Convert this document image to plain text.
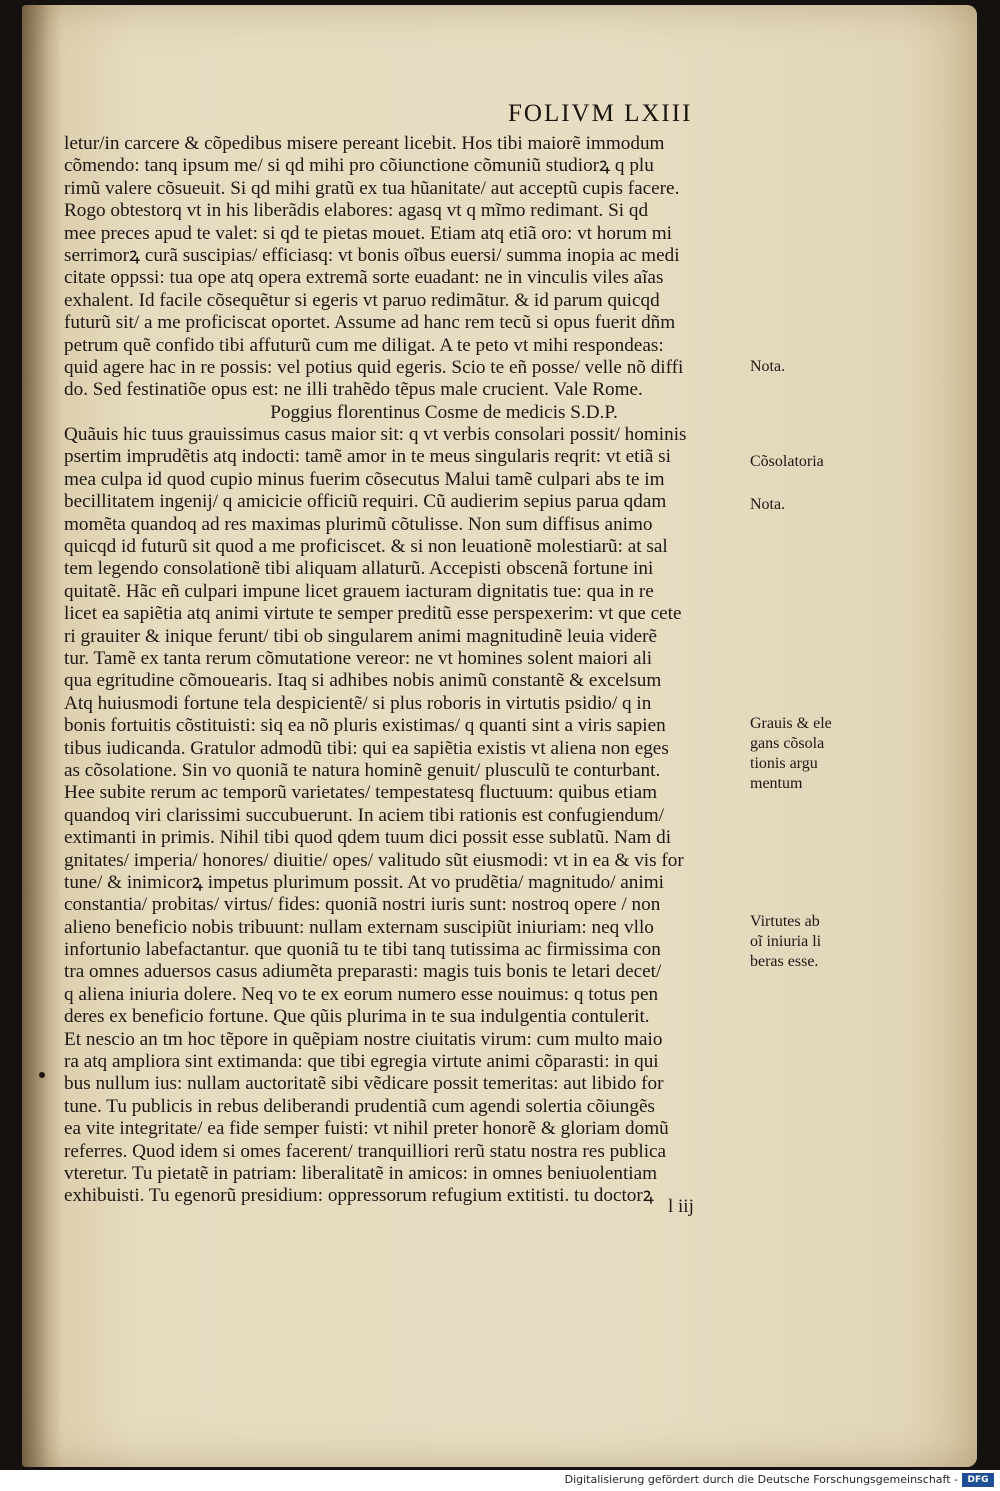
FOLIVM LXIII
letur/in carcere & cõpedibus misere pereant licebit. Hos tibi maiorẽ immodum
cõmendo: tanq ipsum me/ si qd mihi pro cõiunctione cõmuniũ studiorꝝ q plu
rimũ valere cõsueuit. Si qd mihi gratũ ex tua hũanitate/ aut acceptũ cupis facere.
Rogo obtestorq vt in his liberãdis elabores: agasq vt q mĩmo redimant. Si qd
mee preces apud te valet: si qd te pietas mouet. Etiam atq etiã oro: vt horum mi
serrimorꝝ curã suscipias/ efficiasq: vt bonis oĩbus euersi/ summa inopia ac medi
citate oppssi: tua ope atq opera extremã sorte euadant: ne in vinculis viles aĩas
exhalent. Id facile cõsequẽtur si egeris vt paruo redimãtur. & id parum quicqd
futurũ sit/ a me proficiscat oportet. Assume ad hanc rem tecũ si opus fuerit dñm
petrum quẽ confido tibi affuturũ cum me diligat. A te peto vt mihi respondeas:
quid agere hac in re possis: vel potius quid egeris. Scio te eñ posse/ velle nõ diffi
do. Sed festinatiõe opus est: ne illi trahẽdo tẽpus male crucient. Vale Rome.
Poggius florentinus Cosme de medicis S.D.P.
Quãuis hic tuus grauissimus casus maior sit: q vt verbis consolari possit/ hominis
psertim imprudẽtis atq indocti: tamẽ amor in te meus singularis reqrit: vt etiã si
mea culpa id quod cupio minus fuerim cõsecutus Malui tamẽ culpari abs te im
becillitatem ingenij/ q amicicie officiũ requiri. Cũ audierim sepius parua qdam
momẽta quandoq ad res maximas plurimũ cõtulisse. Non sum diffisus animo
quicqd id futurũ sit quod a me proficiscet. & si non leuationẽ molestiarũ: at sal
tem legendo consolationẽ tibi aliquam allaturũ. Accepisti obscenã fortune ini
quitatẽ. Hãc eñ culpari impune licet grauem iacturam dignitatis tue: qua in re
licet ea sapiẽtia atq animi virtute te semper preditũ esse perspexerim: vt que cete
ri grauiter & inique ferunt/ tibi ob singularem animi magnitudinẽ leuia viderẽ
tur. Tamẽ ex tanta rerum cõmutatione vereor: ne vt homines solent maiori ali
qua egritudine cõmouearis. Itaq si adhibes nobis animũ constantẽ & excelsum
Atq huiusmodi fortune tela despicientẽ/ si plus roboris in virtutis psidio/ q in
bonis fortuitis cõstituisti: siq ea nõ pluris existimas/ q quanti sint a viris sapien
tibus iudicanda. Gratulor admodũ tibi: qui ea sapiẽtia existis vt aliena non eges
as cõsolatione. Sin vo quoniã te natura hominẽ genuit/ plusculũ te conturbant.
Hee subite rerum ac temporũ varietates/ tempestatesq fluctuum: quibus etiam
quandoq viri clarissimi succubuerunt. In aciem tibi rationis est confugiendum/
extimanti in primis. Nihil tibi quod qdem tuum dici possit esse sublatũ. Nam di
gnitates/ imperia/ honores/ diuitie/ opes/ valitudo sũt eiusmodi: vt in ea & vis for
tune/ & inimicorꝝ impetus plurimum possit. At vo prudẽtia/ magnitudo/ animi
constantia/ probitas/ virtus/ fides: quoniã nostri iuris sunt: nostroq opere / non
alieno beneficio nobis tribuunt: nullam externam suscipiũt iniuriam: neq vllo
infortunio labefactantur. que quoniã tu te tibi tanq tutissima ac firmissima con
tra omnes aduersos casus adiumẽta preparasti: magis tuis bonis te letari decet/
q aliena iniuria dolere. Neq vo te ex eorum numero esse nouimus: q totus pen
deres ex beneficio fortune. Que qũis plurima in te sua indulgentia contulerit.
Et nescio an tm hoc tẽpore in quẽpiam nostre ciuitatis virum: cum multo maio
ra atq ampliora sint extimanda: que tibi egregia virtute animi cõparasti: in qui
bus nullum ius: nullam auctoritatẽ sibi vẽdicare possit temeritas: aut libido for
tune. Tu publicis in rebus deliberandi prudentiã cum agendi solertia cõiungẽs
ea vite integritate/ ea fide semper fuisti: vt nihil preter honorẽ & gloriam domũ
referres. Quod idem si omes facerent/ tranquilliori rerũ statu nostra res publica
vteretur. Tu pietatẽ in patriam: liberalitatẽ in amicos: in omnes beniuolentiam
exhibuisti. Tu egenorũ presidium: oppressorum refugium extitisti. tu doctorꝝ
Nota.
Cõsolatoria
Nota.
Grauis & ele
gans cõsola
tionis argu
mentum
Virtutes ab
oĩ iniuria li
beras esse.
l iij
Digitalisierung gefördert durch die Deutsche Forschungsgemeinschaft -	DFG
